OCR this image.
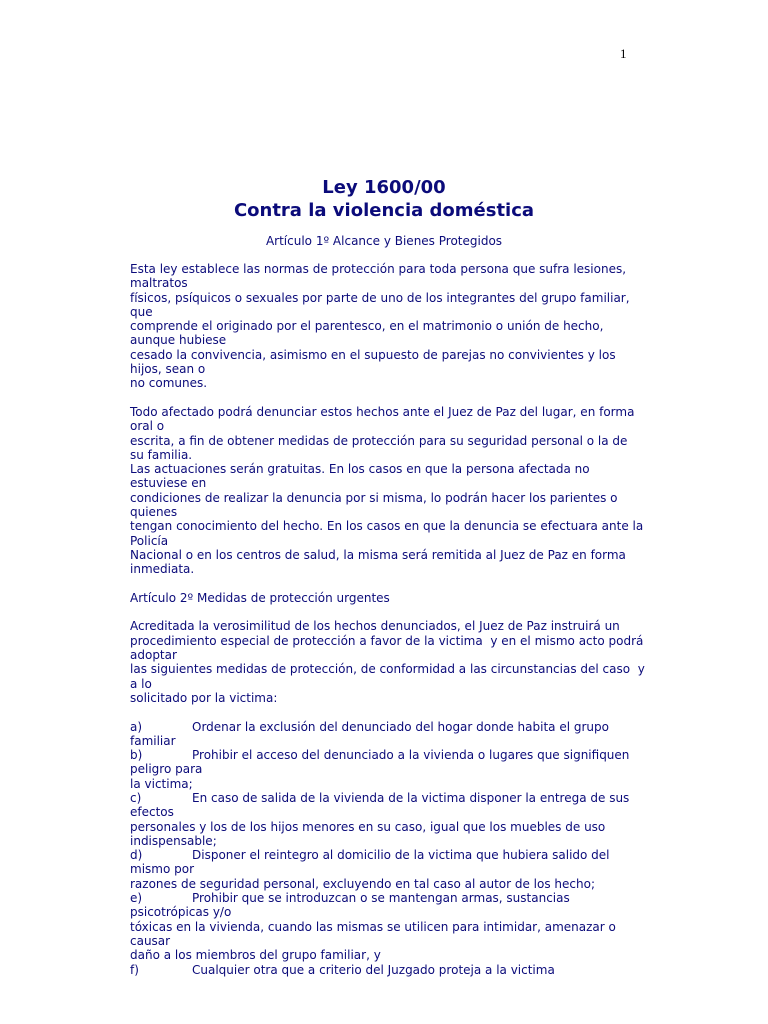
1
Ley 1600/00
Contra la violencia doméstica
Artículo 1º Alcance y Bienes Protegidos
Esta ley establece las normas de protección para toda persona que sufra lesiones,
maltratos
físicos, psíquicos o sexuales por parte de uno de los integrantes del grupo familiar,
que
comprende el originado por el parentesco, en el matrimonio o unión de hecho,
aunque hubiese
cesado la convivencia, asimismo en el supuesto de parejas no convivientes y los
hijos, sean o
no comunes.
Todo afectado podrá denunciar estos hechos ante el Juez de Paz del lugar, en forma
oral o
escrita, a fin de obtener medidas de protección para su seguridad personal o la de
su familia.
Las actuaciones serán gratuitas. En los casos en que la persona afectada no
estuviese en
condiciones de realizar la denuncia por si misma, lo podrán hacer los parientes o
quienes
tengan conocimiento del hecho. En los casos en que la denuncia se efectuara ante la
Policía
Nacional o en los centros de salud, la misma será remitida al Juez de Paz en forma
inmediata.
Artículo 2º Medidas de protección urgentes
Acreditada la verosimilitud de los hechos denunciados, el Juez de Paz instruirá un
procedimiento especial de protección a favor de la victima  y en el mismo acto podrá
adoptar
las siguientes medidas de protección, de conformidad a las circunstancias del caso  y
a lo
solicitado por la victima:
a)	Ordenar la exclusión del denunciado del hogar donde habita el grupo
familiar
b)	Prohibir el acceso del denunciado a la vivienda o lugares que signifiquen
peligro para
la victima;
c)	En caso de salida de la vivienda de la victima disponer la entrega de sus
efectos
personales y los de los hijos menores en su caso, igual que los muebles de uso
indispensable;
d)	Disponer el reintegro al domicilio de la victima que hubiera salido del
mismo por
razones de seguridad personal, excluyendo en tal caso al autor de los hecho;
e)	Prohibir que se introduzcan o se mantengan armas, sustancias
psicotrópicas y/o
tóxicas en la vivienda, cuando las mismas se utilicen para intimidar, amenazar o
causar
daño a los miembros del grupo familiar, y
f)	Cualquier otra que a criterio del Juzgado proteja a la victima
